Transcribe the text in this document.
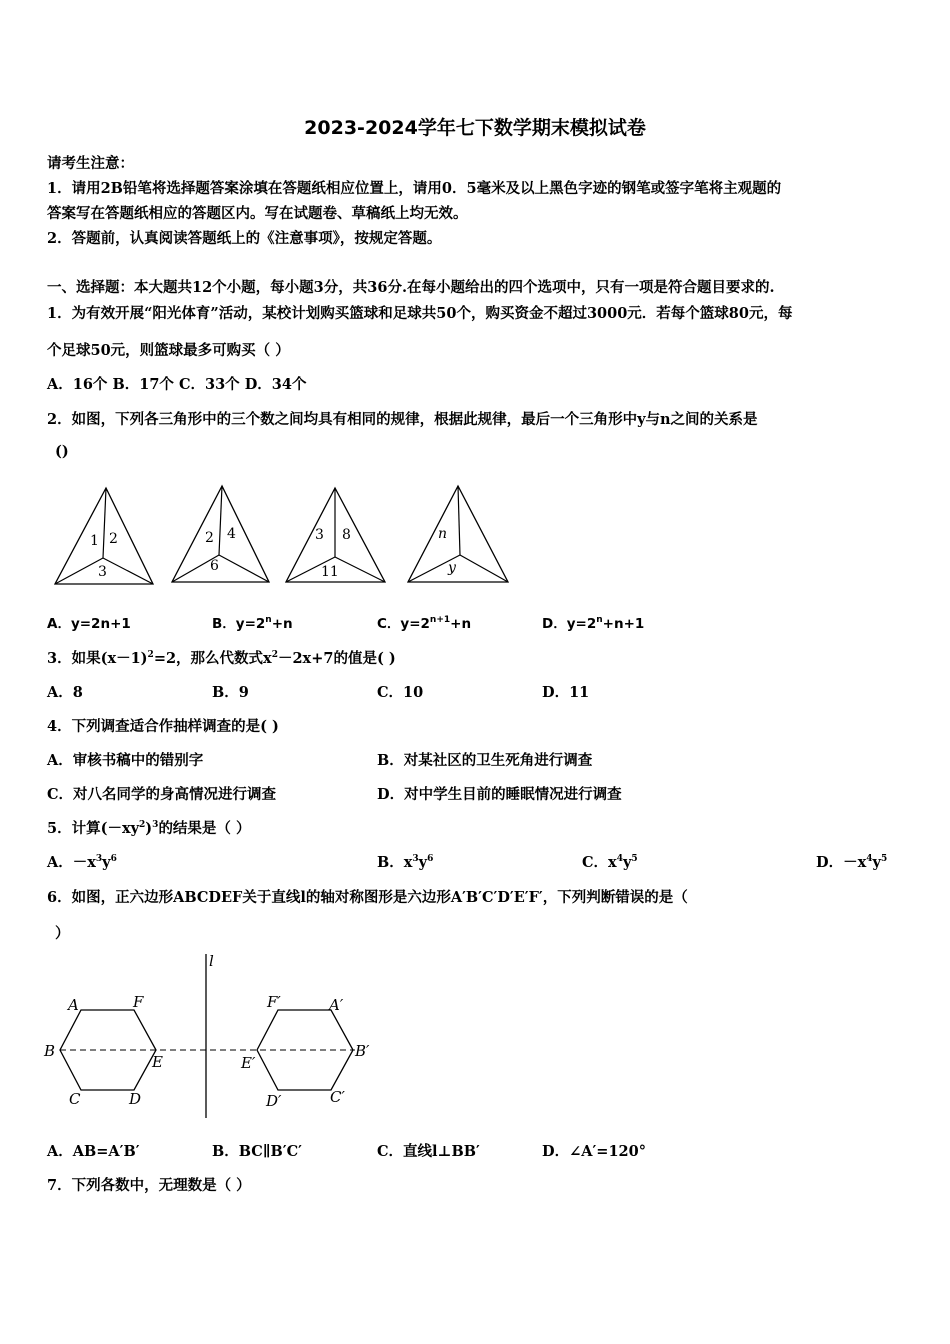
2023-2024学年七下数学期末模拟试卷
请考生注意：
1．请用2B铅笔将选择题答案涂填在答题纸相应位置上，请用0．5毫米及以上黑色字迹的钢笔或签字笔将主观题的
答案写在答题纸相应的答题区内。写在试题卷、草稿纸上均无效。
2．答题前，认真阅读答题纸上的《注意事项》，按规定答题。
一、选择题：本大题共12个小题，每小题3分，共36分.在每小题给出的四个选项中，只有一项是符合题目要求的.
1．为有效开展“阳光体育”活动，某校计划购买篮球和足球共50个，购买资金不超过3000元．若每个篮球80元，每
个足球50元，则篮球最多可购买（ ）
A．16个 B．17个 C．33个 D．34个
2．如图，下列各三角形中的三个数之间均具有相同的规律，根据此规律，最后一个三角形中y与n之间的关系是
()
1 2
3
2 4
6
3 8
11
n
y
A．y=2n+1	B．$y=2^n+n$	C．$y=2^{n+1}+n$	D．$y=2^n+n+1$
3．如果$(x-1)^2=2$，那么代数式$x^2-2x+7$的值是( )
A．8	B．9	C．10	D．11
4．下列调查适合作抽样调查的是( )
A．审核书稿中的错别字	B．对某社区的卫生死角进行调查
C．对八名同学的身高情况进行调查	D．对中学生目前的睡眠情况进行调查
5．计算$(-xy^2)^3$的结果是（ ）
A．$-x^3y^6$	B．$x^3y^6$	C．$x^4y^5$	D．$-x^4y^5$
6．如图，正六边形ABCDEF关于直线l的轴对称图形是六边形A′B′C′D′E′F′，下列判断错误的是（
）
l
A	F
B
E
C	D
F′	A′
E′
B′
D′	C′
A．AB=A′B′	B．BC∥B′C′	C．直线l⊥BB′	D．∠A′=120°
7．下列各数中，无理数是（ ）
